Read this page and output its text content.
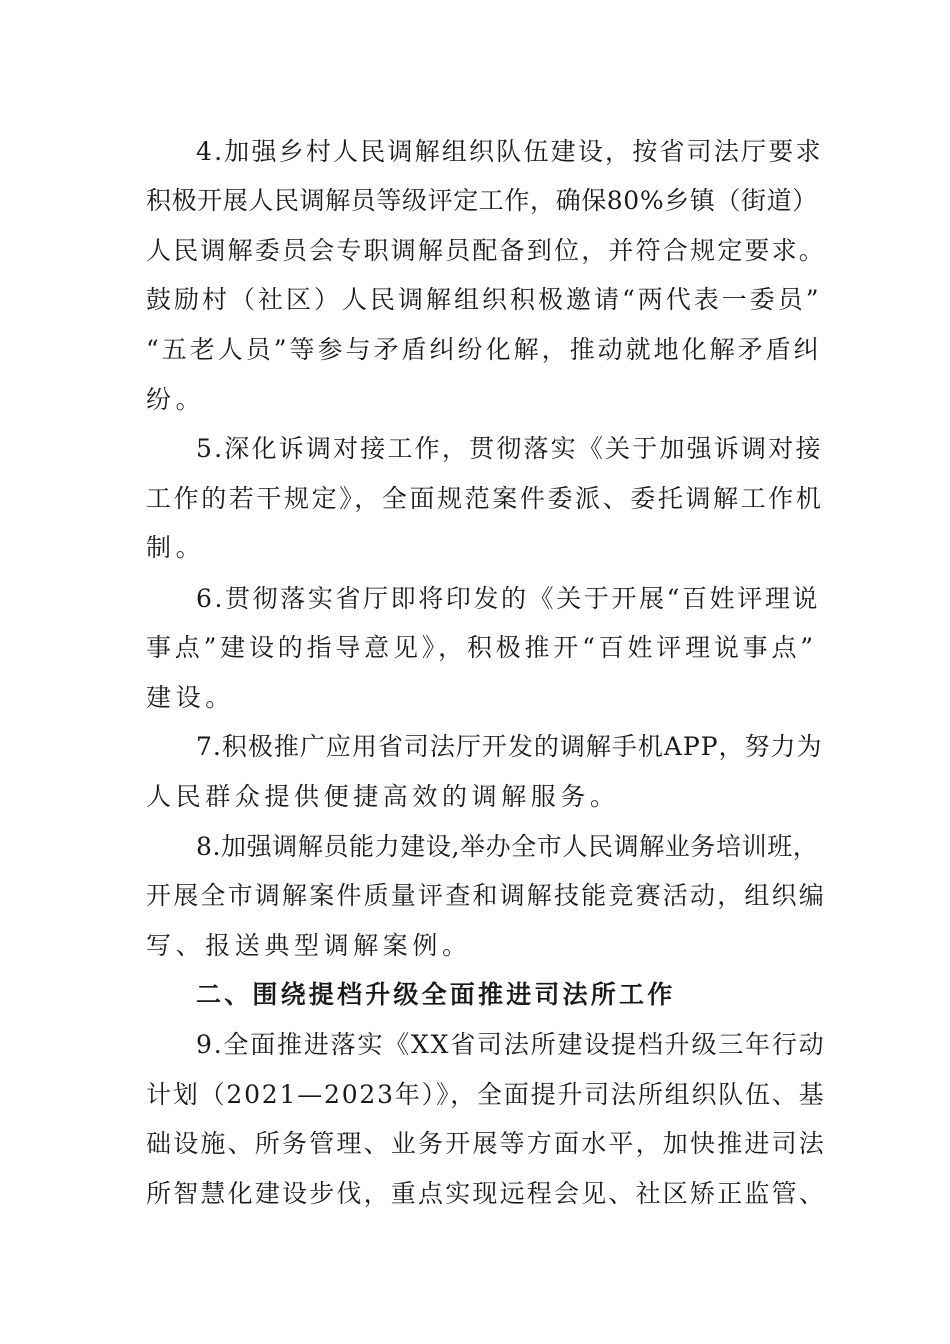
4.加强乡村人民调解组织队伍建设，按省司法厅要求
积极开展人民调解员等级评定工作，确保80%乡镇（街道）
人民调解委员会专职调解员配备到位，并符合规定要求。
鼓励村（社区）人民调解组织积极邀请“两代表一委员”
“五老人员”等参与矛盾纠纷化解，推动就地化解矛盾纠
纷。
5.深化诉调对接工作，贯彻落实《关于加强诉调对接
工作的若干规定》，全面规范案件委派、委托调解工作机
制。
6.贯彻落实省厅即将印发的《关于开展“百姓评理说
事点”建设的指导意见》，积极推开“百姓评理说事点”
建设。
7.积极推广应用省司法厅开发的调解手机APP，努力为
人民群众提供便捷高效的调解服务。
8.加强调解员能力建设,举办全市人民调解业务培训班，
开展全市调解案件质量评查和调解技能竞赛活动，组织编
写、报送典型调解案例。
二、围绕提档升级全面推进司法所工作
9.全面推进落实《XX省司法所建设提档升级三年行动
计划（2021—2023年）》，全面提升司法所组织队伍、基
础设施、所务管理、业务开展等方面水平，加快推进司法
所智慧化建设步伐，重点实现远程会见、社区矫正监管、
